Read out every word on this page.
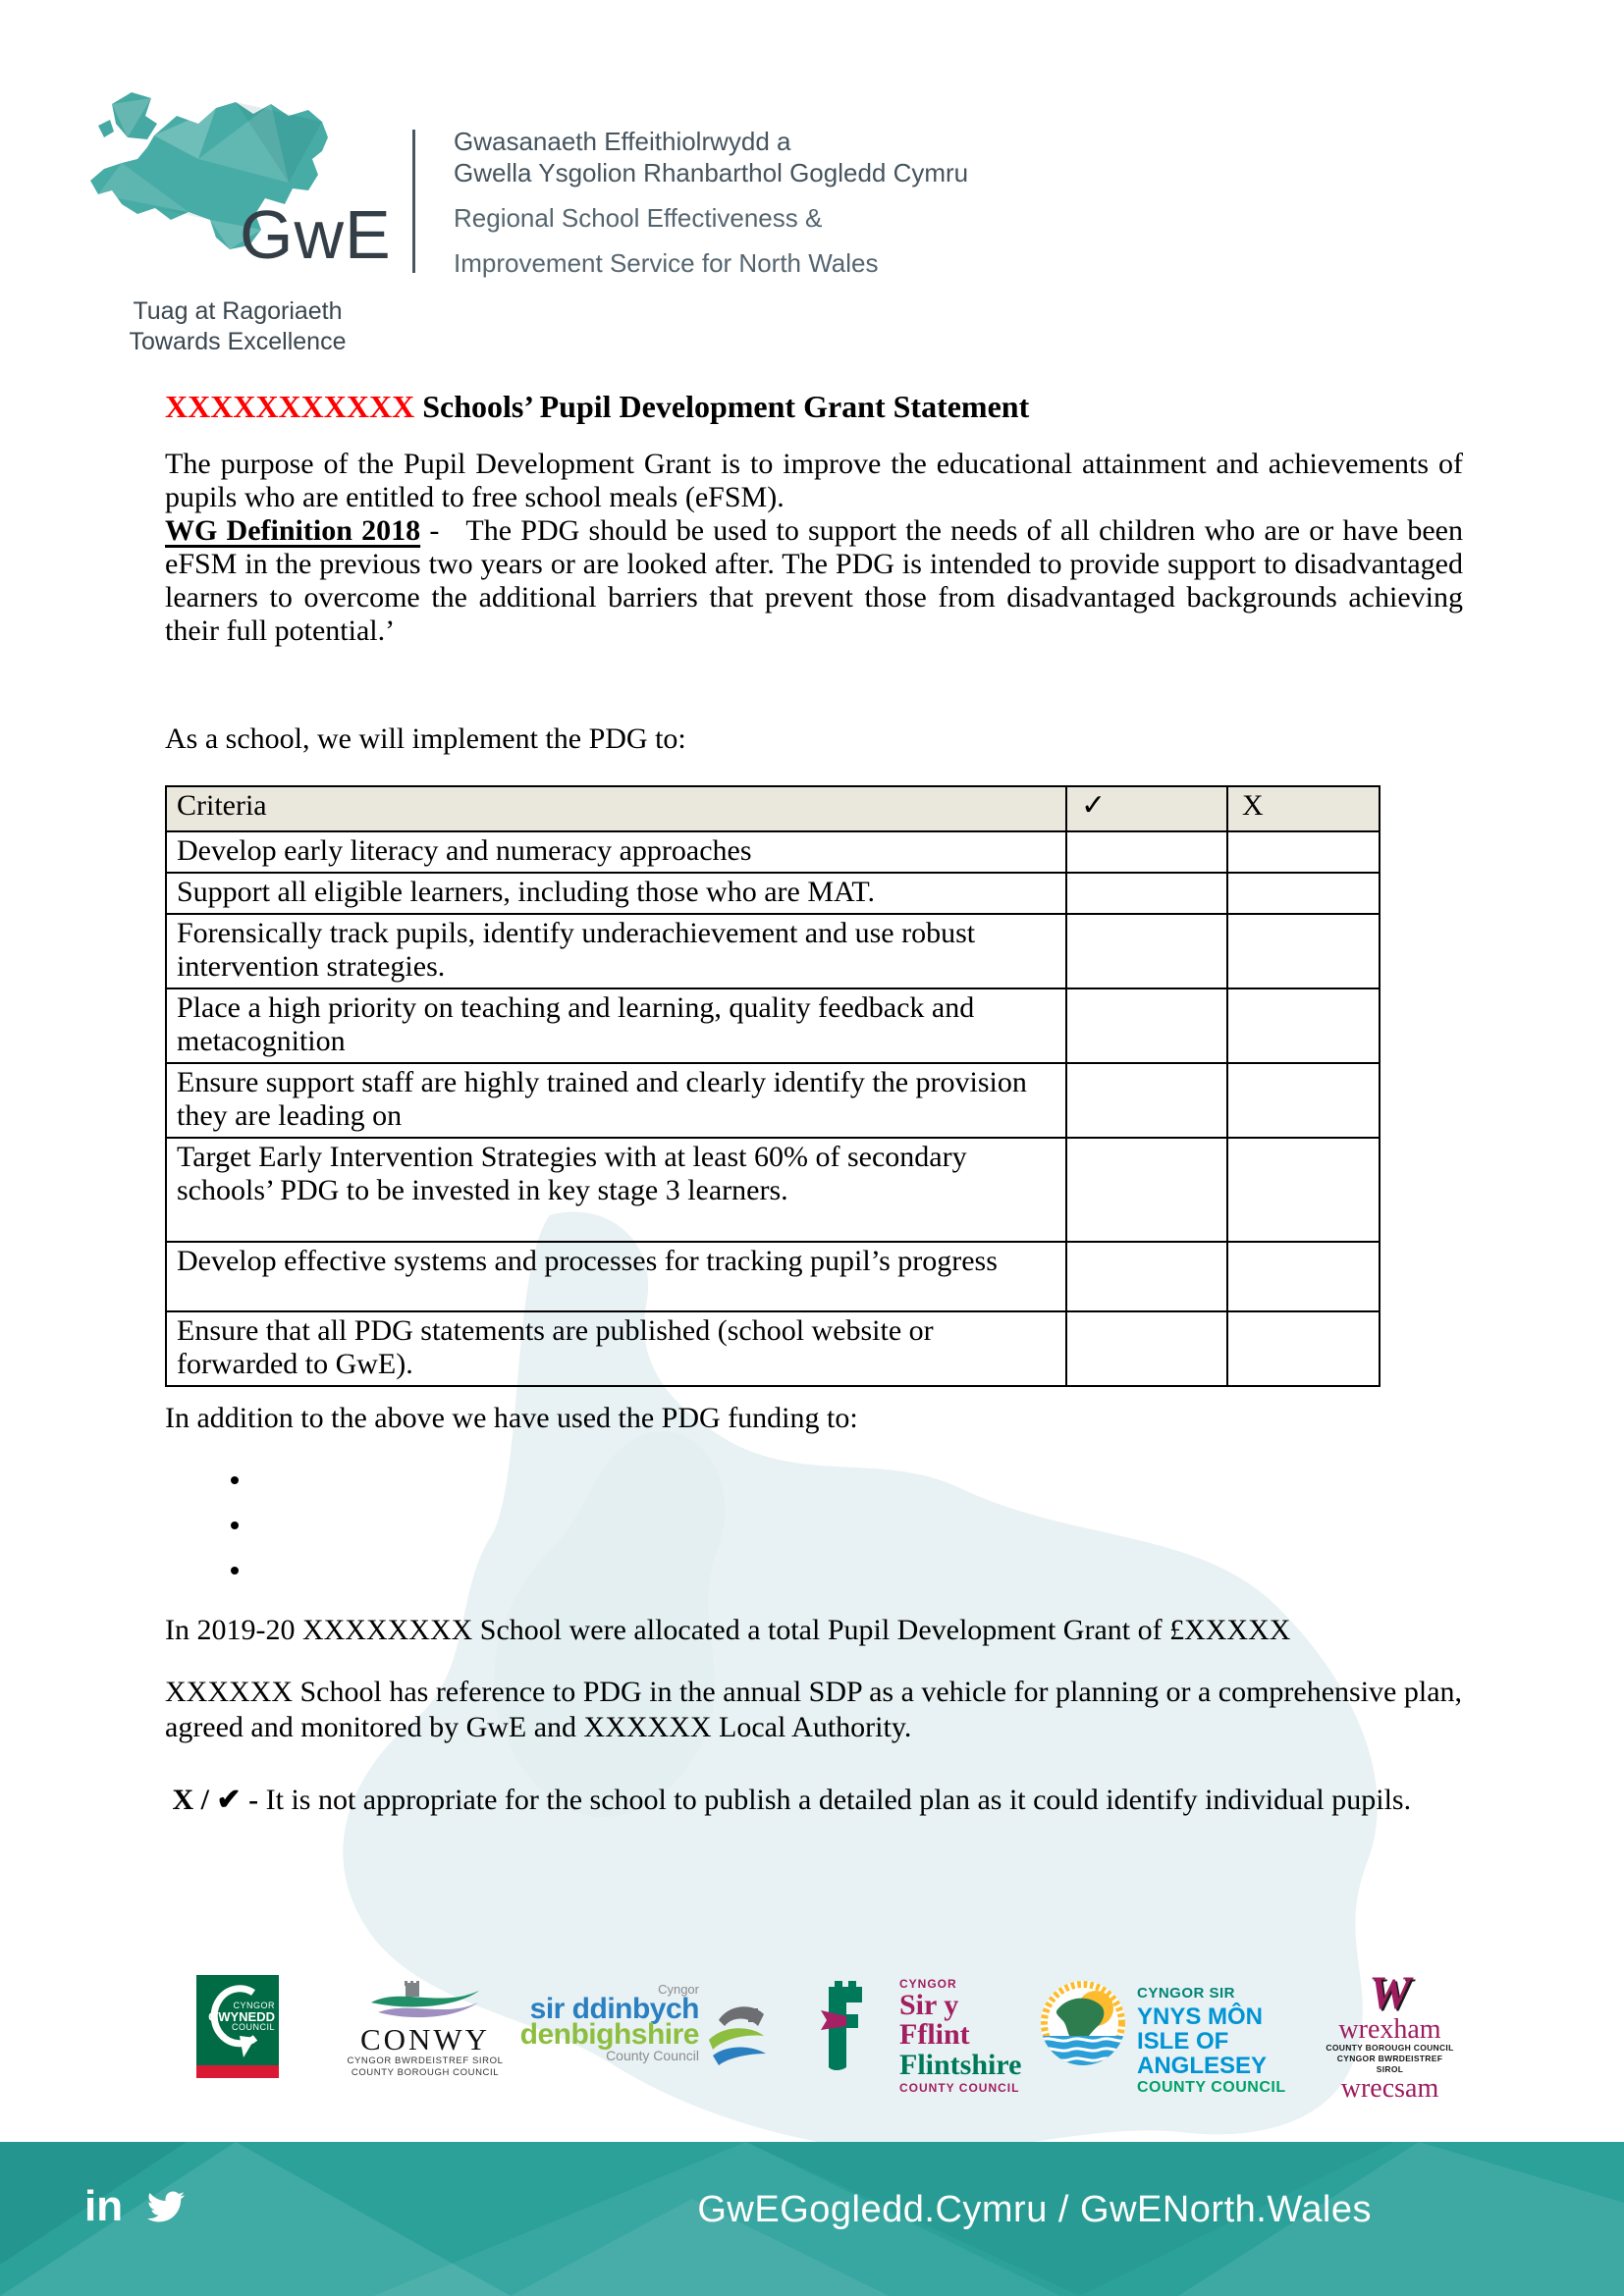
GwE
Tuag at Ragoriaeth
Towards Excellence
Gwasanaeth Effeithiolrwydd a
Gwella Ysgolion Rhanbarthol Gogledd Cymru
Regional School Effectiveness &
Improvement Service for North Wales
XXXXXXXXXXX Schools’ Pupil Development Grant Statement

The purpose of the Pupil Development Grant is to improve the educational attainment and achievements of pupils who are entitled to free school meals (eFSM).

WG Definition 2018 -   The PDG should be used to support the needs of all children who are or have been eFSM in the previous two years or are looked after. The PDG is intended to provide support to disadvantaged learners to overcome the additional barriers that prevent those from disadvantaged backgrounds achieving their full potential.’

As a school, we will implement the PDG to:
Criteria	✓	X
Develop early literacy and numeracy approaches		
Support all eligible learners, including those who are MAT.		
Forensically track pupils, identify underachievement and use robust intervention strategies.		
Place a high priority on teaching and learning, quality feedback and metacognition		
Ensure support staff are highly trained and clearly identify the provision they are leading on		
Target Early Intervention Strategies with at least 60% of secondary schools’ PDG to be invested in key stage 3 learners.		
Develop effective systems and processes for tracking pupil’s progress		
Ensure that all PDG statements are published (school website or forwarded to GwE).		
In addition to the above we have used the PDG funding to:
In 2019-20 XXXXXXXX School were allocated a total Pupil Development Grant of £XXXXX
XXXXXX School has reference to PDG in the annual SDP as a vehicle for planning or a comprehensive plan, agreed and monitored by GwE and XXXXXX Local Authority.
X / ✔ - It is not appropriate for the school to publish a detailed plan as it could identify individual pupils.
CYNGOR
GWYNEDD
COUNCIL	CONWY
CYNGOR BWRDEISTREF SIROL
COUNTY BOROUGH COUNCIL
Cyngor
sir ddinbych
denbighshire
County Council
CYNGOR
Sir y Fflint
Flintshire
COUNTY COUNCIL
CYNGOR SIR
YNYS MÔN
ISLE OF ANGLESEY
COUNTY COUNCIL
W
wrexham
COUNTY BOROUGH COUNCIL
CYNGOR BWRDEISTREF SIROL
wrecsam
in	GwEGogledd.Cymru / GwENorth.Wales
